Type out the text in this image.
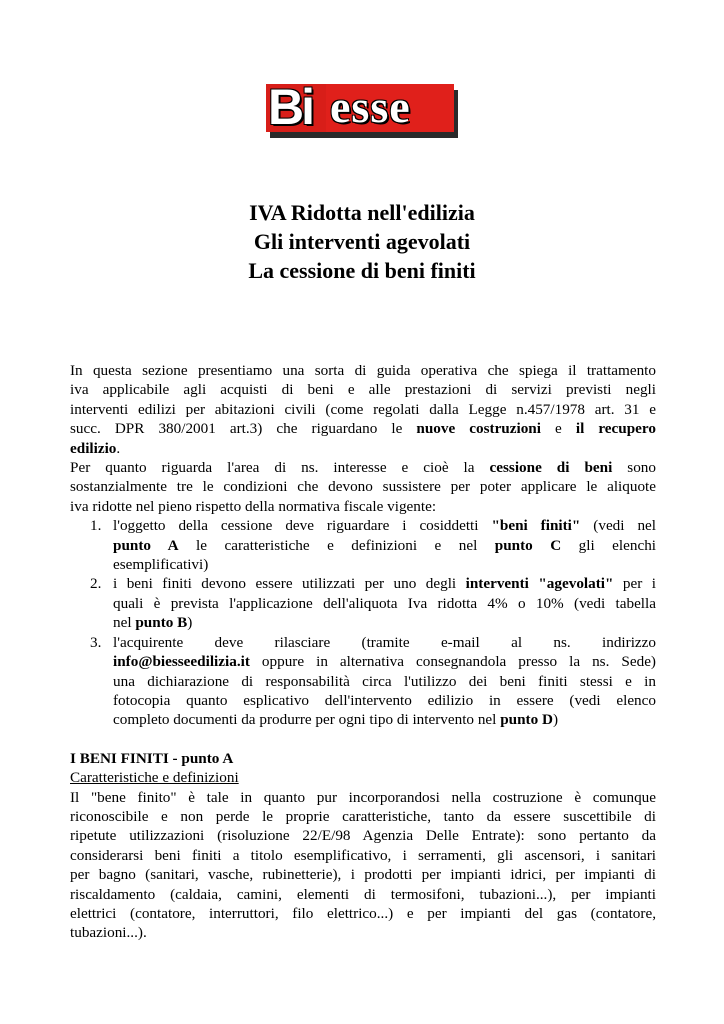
Bi esse
IVA Ridotta nell'edilizia
Gli interventi agevolati
La cessione di beni finiti
In questa sezione presentiamo una sorta di guida operativa che spiega il trattamento
iva applicabile agli acquisti di beni e alle prestazioni di servizi previsti negli
interventi edilizi per abitazioni civili (come regolati dalla Legge n.457/1978 art. 31 e
succ. DPR 380/2001 art.3) che riguardano le nuove costruzioni e il recupero
edilizio.
Per quanto riguarda l'area di ns. interesse e cioè la cessione di beni sono
sostanzialmente tre le condizioni che devono sussistere per poter applicare le aliquote
iva ridotte nel pieno rispetto della normativa fiscale vigente:
1. l'oggetto della cessione deve riguardare i cosiddetti "beni finiti" (vedi nel
punto A le caratteristiche e definizioni e nel punto C gli elenchi
esemplificativi)
2. i beni finiti devono essere utilizzati per uno degli interventi "agevolati" per i
quali è prevista l'applicazione dell'aliquota Iva ridotta 4% o 10% (vedi tabella
nel punto B)
3. l'acquirente deve rilasciare (tramite e-mail al ns. indirizzo
info@biesseedilizia.it oppure in alternativa consegnandola presso la ns. Sede)
una dichiarazione di responsabilità circa l'utilizzo dei beni finiti stessi e in
fotocopia quanto esplicativo dell'intervento edilizio in essere (vedi elenco
completo documenti da produrre per ogni tipo di intervento nel punto D)
I BENI FINITI - punto A
Caratteristiche e definizioni
Il "bene finito" è tale in quanto pur incorporandosi nella costruzione è comunque
riconoscibile e non perde le proprie caratteristiche, tanto da essere suscettibile di
ripetute utilizzazioni (risoluzione 22/E/98 Agenzia Delle Entrate): sono pertanto da
considerarsi beni finiti a titolo esemplificativo, i serramenti, gli ascensori, i sanitari
per bagno (sanitari, vasche, rubinetterie), i prodotti per impianti idrici, per impianti di
riscaldamento (caldaia, camini, elementi di termosifoni, tubazioni...), per impianti
elettrici (contatore, interruttori, filo elettrico...) e per impianti del gas (contatore,
tubazioni...).
